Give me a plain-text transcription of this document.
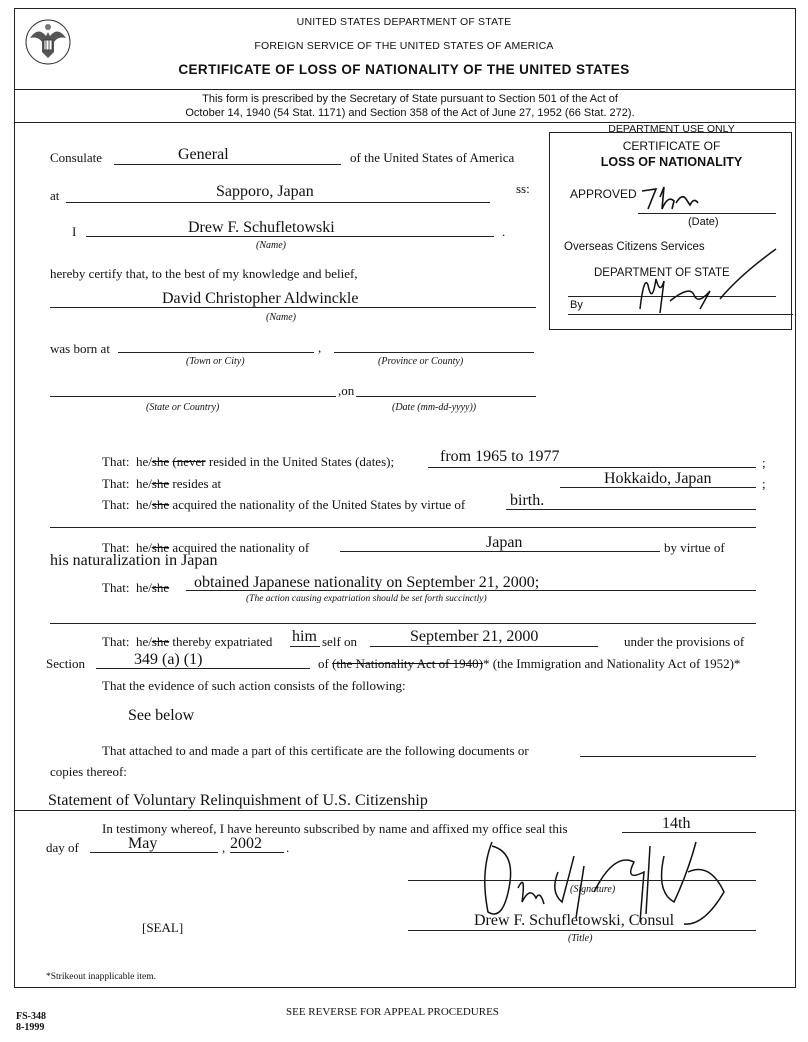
UNITED STATES DEPARTMENT OF STATE
FOREIGN SERVICE OF THE UNITED STATES OF AMERICA
CERTIFICATE OF LOSS OF NATIONALITY OF THE UNITED STATES
This form is prescribed by the Secretary of State pursuant to Section 501 of the Act of
October 14, 1940 (54 Stat. 1171) and Section 358 of the Act of June 27, 1952 (66 Stat. 272).
DEPARTMENT USE ONLY
CERTIFICATE OF
LOSS OF NATIONALITY
APPROVED
(Date)
Overseas Citizens Services
DEPARTMENT OF STATE
By
Consulate	General	of the United States of America
at	Sapporo, Japan	ss:
I	Drew F. Schufletowski	.
(Name)
hereby certify that, to the best of my knowledge and belief,
David Christopher Aldwinckle
(Name)
was born at	,
(Town or City)	(Province or County)
,on
(State or Country)	(Date (mm-dd-yyyy))
That: he/she (never resided in the United States (dates);	from 1965 to 1977	;
That: he/she resides at	Hokkaido, Japan	;
That: he/she acquired the nationality of the United States by virtue of	birth.
That: he/she acquired the nationality of	Japan	by virtue of
his naturalization in Japan
That: he/she obtained Japanese nationality on September 21, 2000;
(The action causing expatriation should be set forth succinctly)
That: he/she thereby expatriated him self on	September 21, 2000	under the provisions of
Section	349 (a) (1)	of (the Nationality Act of 1940)* (the Immigration and Nationality Act of 1952)*
That the evidence of such action consists of the following:
See below
That attached to and made a part of this certificate are the following documents or
copies thereof:
Statement of Voluntary Relinquishment of U.S. Citizenship
In testimony whereof, I have hereunto subscribed by name and affixed my office seal this	14th
day of	May	, 2002 .
(Signature)
[SEAL]	Drew F. Schufletowski, Consul
(Title)
*Strikeout inapplicable item.
FS-348
8-1999
SEE REVERSE FOR APPEAL PROCEDURES
